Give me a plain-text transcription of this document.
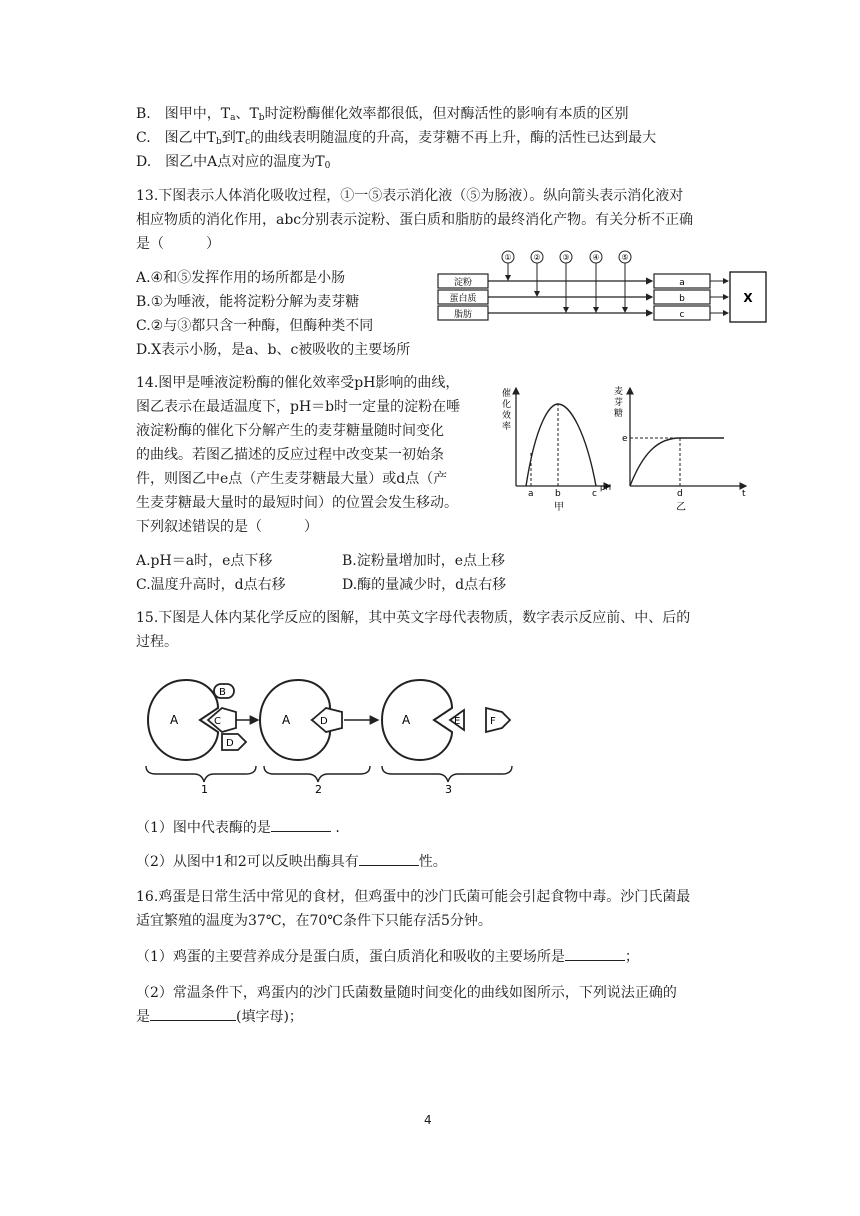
B.　图甲中，$T_a$、$T_b$时淀粉酶催化效率都很低，但对酶活性的影响有本质的区别
C.　图乙中$T_b$到$T_c$的曲线表明随温度的升高，麦芽糖不再上升，酶的活性已达到最大
D.　图乙中A点对应的温度为$T_0$
13.下图表示人体消化吸收过程，①一⑤表示消化液（⑤为肠液）。纵向箭头表示消化液对
相应物质的消化作用，abc分别表示淀粉、蛋白质和脂肪的最终消化产物。有关分析不正确
是（　　　）
A.④和⑤发挥作用的场所都是小肠
B.①为唾液，能将淀粉分解为麦芽糖
C.②与③都只含一种酶，但酶种类不同
D.X表示小肠，是a、b、c被吸收的主要场所
淀粉
蛋白质
脂肪
①	②	③	④	⑤
a
b
c
X
14.图甲是唾液淀粉酶的催化效率受pH影响的曲线，
图乙表示在最适温度下，pH＝b时一定量的淀粉在唾
液淀粉酶的催化下分解产生的麦芽糖量随时间变化
的曲线。若图乙描述的反应过程中改变某一初始条
件，则图乙中e点（产生麦芽糖最大量）或d点（产
生麦芽糖最大量时的最短时间）的位置会发生移动。
下列叙述错误的是（　　　）
A.pH＝a时，e点下移	B.淀粉量增加时，e点上移
C.温度升高时，d点右移	D.酶的量减少时，d点右移
催
化
效
率
a b	c
pH
甲
麦
芽
糖
e
d	t
乙
15.下图是人体内某化学反应的图解，其中英文字母代表物质，数字表示反应前、中、后的
过程。
A
B
C
D
A	D	A	E	F
1	2	3
（1）图中代表酶的是	.
（2）从图中1和2可以反映出酶具有	性。
16.鸡蛋是日常生活中常见的食材，但鸡蛋中的沙门氏菌可能会引起食物中毒。沙门氏菌最
适宜繁殖的温度为37℃，在70℃条件下只能存活5分钟。
（1）鸡蛋的主要营养成分是蛋白质，蛋白质消化和吸收的主要场所是	；
（2）常温条件下，鸡蛋内的沙门氏菌数量随时间变化的曲线如图所示，下列说法正确的
是	(填字母)；
4
